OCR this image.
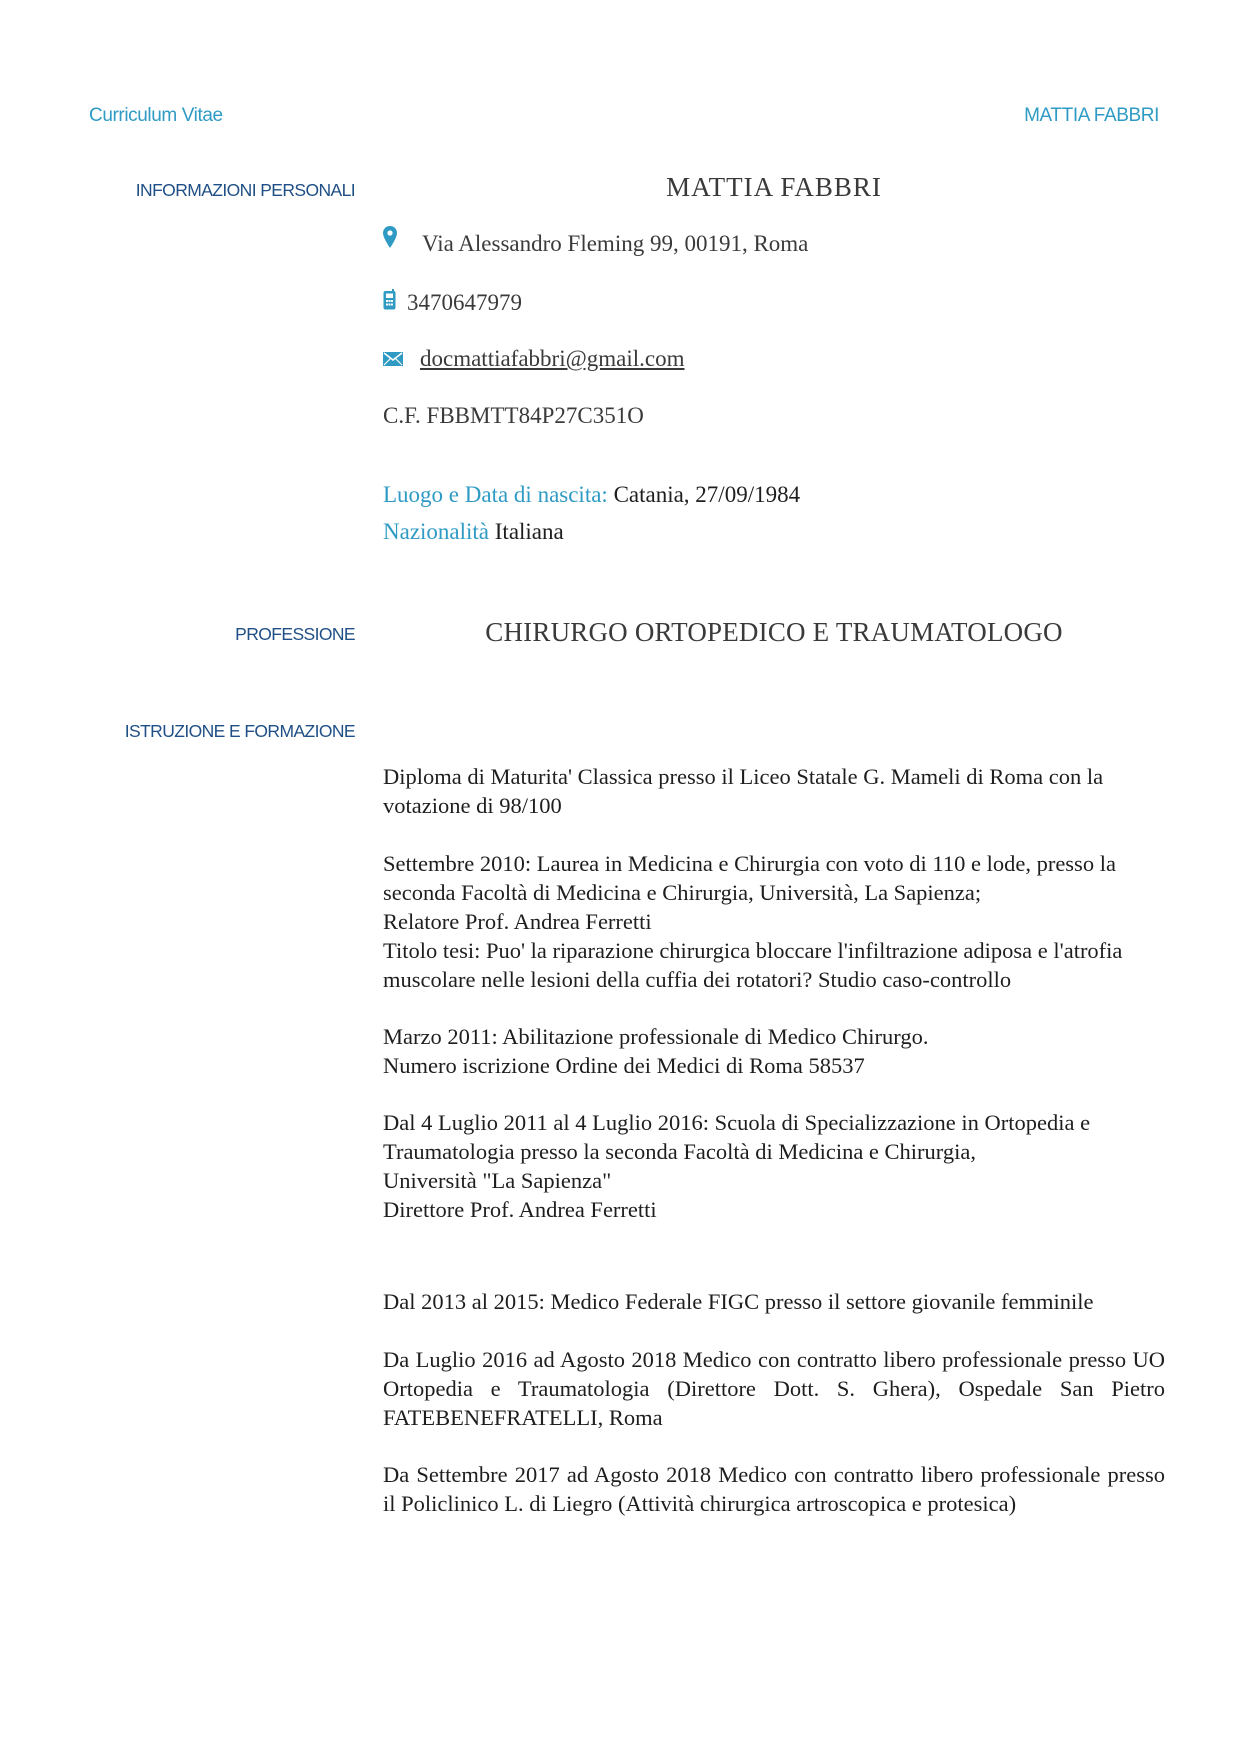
Curriculum Vitae	MATTIA FABBRI
INFORMAZIONI PERSONALI	MATTIA FABBRI
Via Alessandro Fleming 99, 00191, Roma
3470647979
docmattiafabbri@gmail.com
C.F. FBBMTT84P27C351O
Luogo e Data di nascita: Catania, 27/09/1984
Nazionalità Italiana
PROFESSIONE	CHIRURGO ORTOPEDICO E TRAUMATOLOGO
ISTRUZIONE E FORMAZIONE

Diploma di Maturita' Classica presso il Liceo Statale G. Mameli di Roma con la votazione di 98/100

Settembre 2010: Laurea in Medicina e Chirurgia con voto di 110 e lode, presso la seconda Facoltà di Medicina e Chirurgia, Università, La Sapienza;

Relatore Prof. Andrea Ferretti

Titolo tesi: Puo' la riparazione chirurgica bloccare l'infiltrazione adiposa e l'atrofia muscolare nelle lesioni della cuffia dei rotatori? Studio caso-controllo

Marzo 2011: Abilitazione professionale di Medico Chirurgo.

Numero iscrizione Ordine dei Medici di Roma 58537

Dal 4 Luglio 2011 al 4 Luglio 2016: Scuola di Specializzazione in Ortopedia e Traumatologia presso la seconda Facoltà di Medicina e Chirurgia,

Università "La Sapienza"

Direttore Prof. Andrea Ferretti

Dal 2013 al 2015: Medico Federale FIGC presso il settore giovanile femminile

Da Luglio 2016 ad Agosto 2018 Medico con contratto libero professionale presso UO Ortopedia e Traumatologia (Direttore Dott. S. Ghera), Ospedale San Pietro FATEBENEFRATELLI, Roma

Da Settembre 2017 ad Agosto 2018 Medico con contratto libero professionale presso il Policlinico L. di Liegro (Attività chirurgica artroscopica e protesica)
